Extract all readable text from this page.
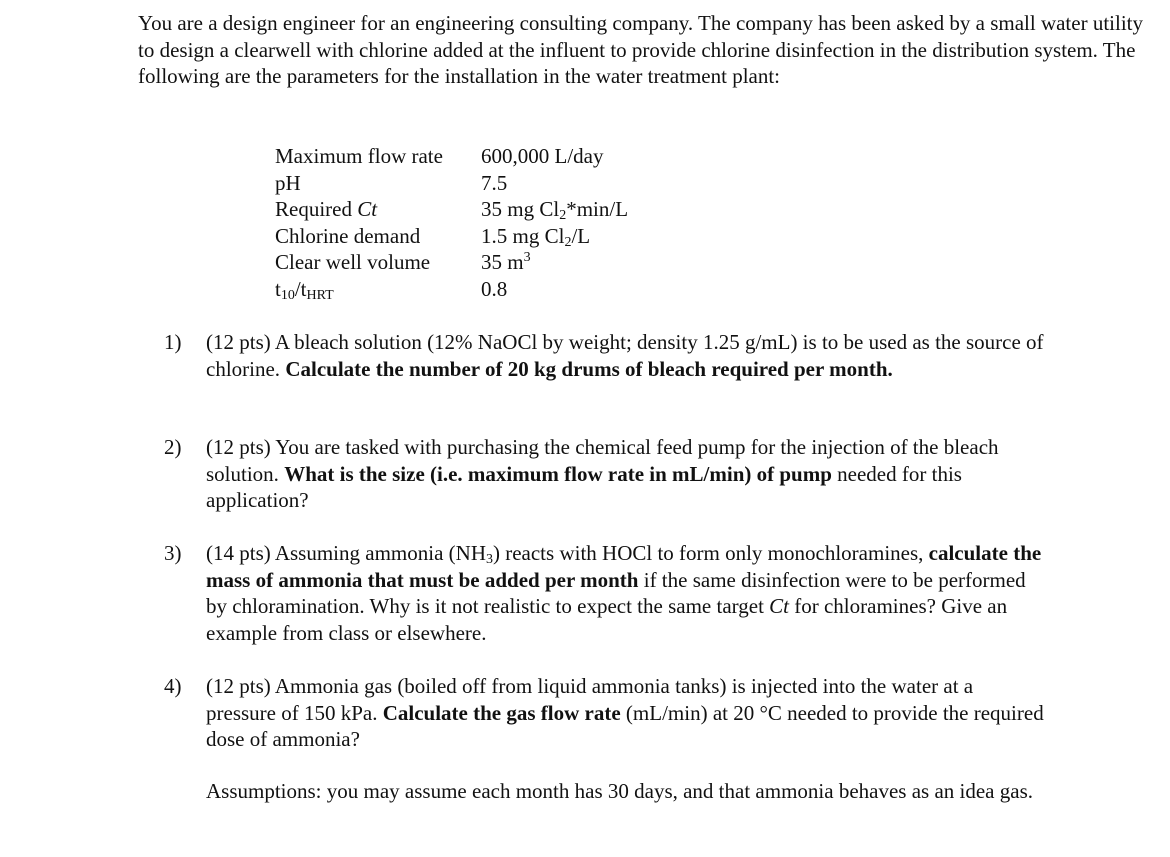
You are a design engineer for an engineering consulting company. The company has been asked by a small water utility to design a clearwell with chlorine added at the influent to provide chlorine disinfection in the distribution system. The following are the parameters for the installation in the water treatment plant:
Maximum flow rate	600,000 L/day
pH	7.5
Required Ct	35 mg $Cl_2*\min/L$
Chlorine demand	1.5 mg $Cl_2/L$
Clear well volume	35 $m^3$
$t_{10}/t_{HRT}$	0.8
1) (12 pts) A bleach solution (12% NaOCl by weight; density 1.25 g/mL) is to be used as the source of chlorine. Calculate the number of 20 kg drums of bleach required per month.
2) (12 pts) You are tasked with purchasing the chemical feed pump for the injection of the bleach solution. What is the size (i.e. maximum flow rate in mL/min) of pump needed for this application?
3) (14 pts) Assuming ammonia $(NH_3)$ reacts with HOCl to form only monochloramines, calculate the mass of ammonia that must be added per month if the same disinfection were to be performed by chloramination. Why is it not realistic to expect the same target Ct for chloramines? Give an example from class or elsewhere.
4) (12 pts) Ammonia gas (boiled off from liquid ammonia tanks) is injected into the water at a pressure of 150 kPa. Calculate the gas flow rate (mL/min) at 20 °C needed to provide the required dose of ammonia?
Assumptions: you may assume each month has 30 days, and that ammonia behaves as an idea gas.
